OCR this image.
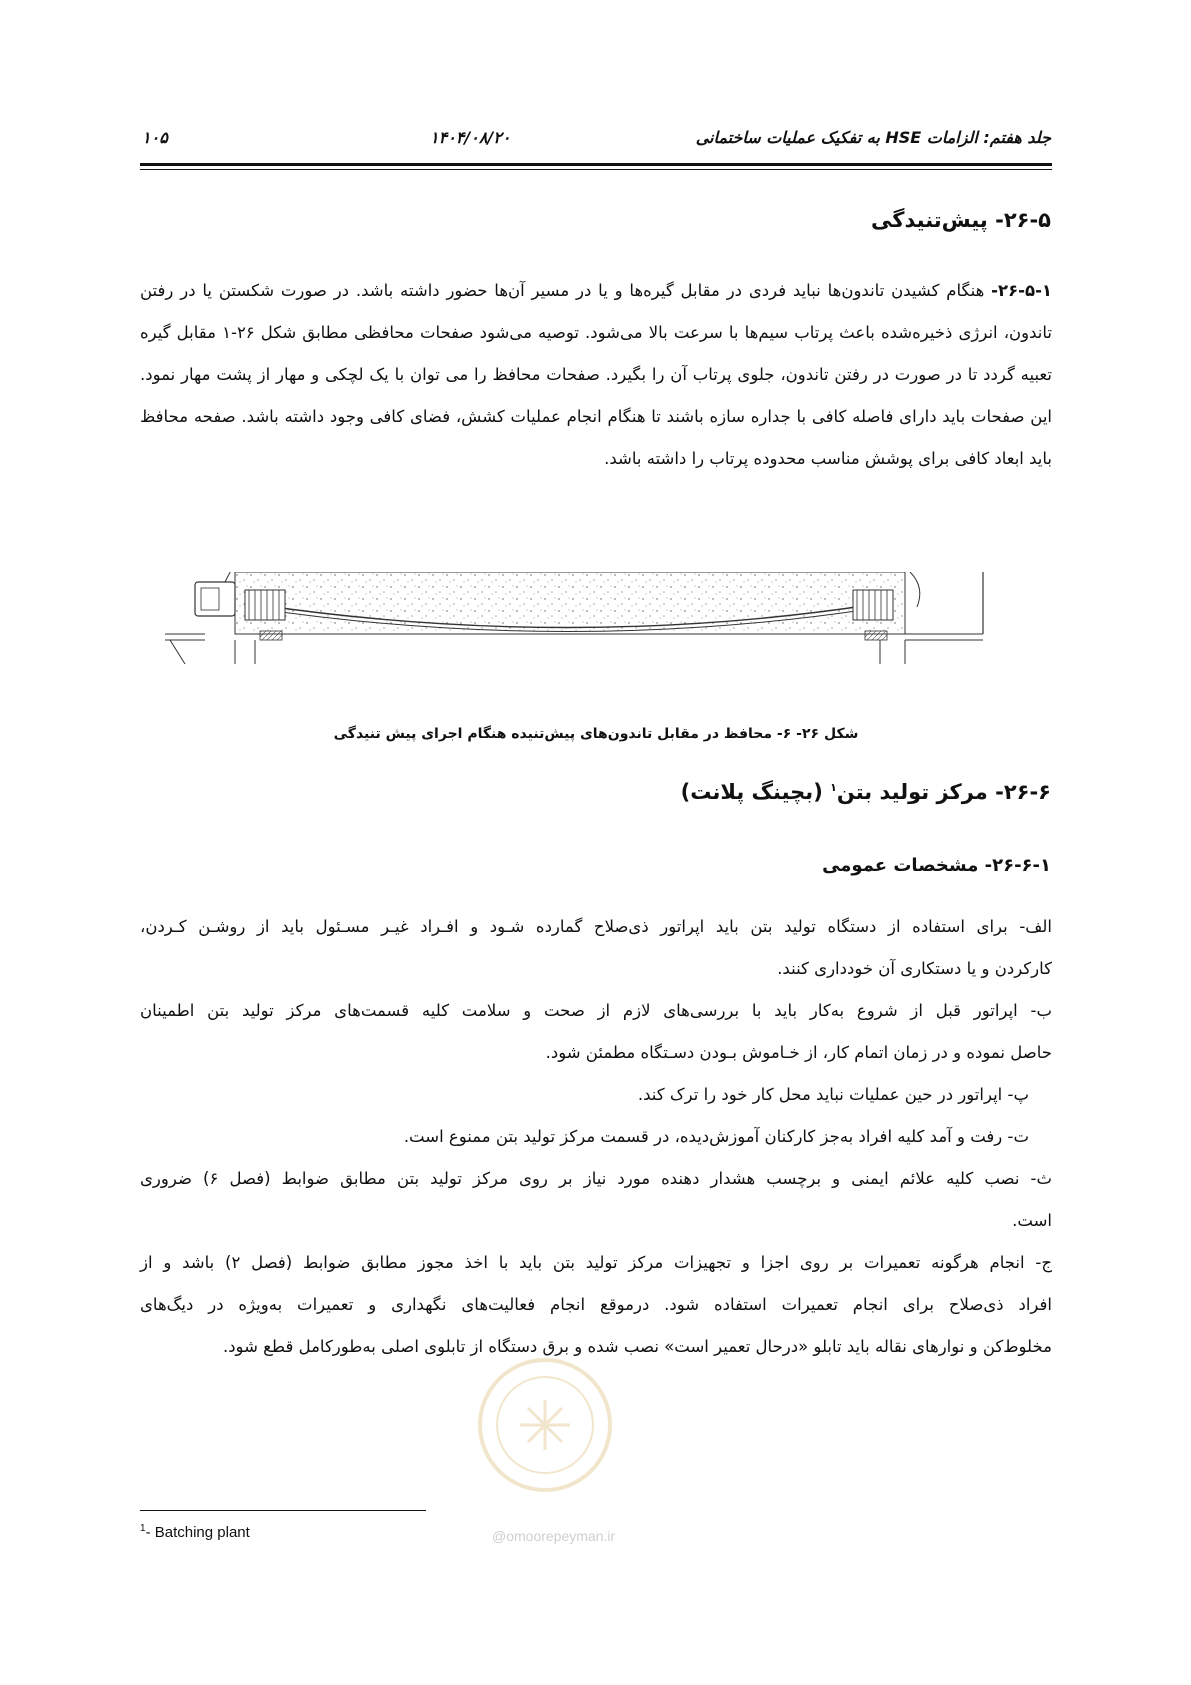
جلد هفتم: الزامات HSE به تفکیک عملیات ساختمانی
۱۴۰۴/۰۸/۲۰
۱۰۵
۲۶-۵- پیش‌تنیدگی
۲۶-۵-۱- هنگام کشیدن تاندون‌ها نباید فردی در مقابل گیره‌ها و یا در مسیر آن‌ها حضور داشته باشد. در صورت شکستن یا در رفتن تاندون، انرژی ذخیره‌شده باعث پرتاب سیم‌ها با سرعت بالا می‌شود. توصیه می‌شود صفحات محافظی مطابق شکل ۲۶-۱ مقابل گیره تعبیه گردد تا در صورت در رفتن تاندون، جلوی پرتاب آن را بگیرد. صفحات محافظ را می توان با یک لچکی و مهار از پشت مهار نمود. این صفحات باید دارای فاصله کافی با جداره سازه باشند تا هنگام انجام عملیات کشش، فضای کافی وجود داشته باشد. صفحه محافظ باید ابعاد کافی برای پوشش مناسب محدوده پرتاب را داشته باشد.
شکل ۲۶- ۶- محافظ در مقابل تاندون‌های پیش‌تنیده هنگام اجرای پیش تنیدگی
۲۶-۶- مرکز تولید بتن$^۱$ (بچینگ پلانت)
۲۶-۶-۱- مشخصات عمومی
الف- برای استفاده از دستگاه تولید بتن باید اپراتور ذی‌صلاح گمارده شـود و افـراد غیـر مسـئول باید از روشـن کـردن،
کارکردن و یا دستکاری آن خودداری کنند.
ب- اپراتور قبل از شروع به‌کار باید با بررسی‌های لازم از صحت و سلامت کلیه قسمت‌های مرکز تولید بتن اطمینان
حاصل نموده و در زمان اتمام کار، از خـاموش بـودن دسـتگاه مطمئن شود.
پ- اپراتور در حین عملیات نباید محل کار خود را ترک کند.
ت- رفت و آمد کلیه افراد به‌جز کارکنان آموزش‌دیده، در قسمت مرکز تولید بتن ممنوع است.
ث- نصب کلیه علائم ایمنی و برچسب هشدار دهنده مورد نیاز بر روی مرکز تولید بتن مطابق ضوابط (فصل ۶) ضروری
است.
ج- انجام هرگونه تعمیرات بر روی اجزا و تجهیزات مرکز تولید بتن باید با اخذ مجوز مطابق ضوابط (فصل ۲) باشد و از
افراد ذی‌صلاح برای انجام تعمیرات استفاده شود. درموقع انجام فعالیت‌های نگهداری و تعمیرات به‌ویژه در دیگ‌های
مخلوط‌کن و نوارهای نقاله باید تابلو «درحال تعمیر است» نصب شده و برق دستگاه از تابلوی اصلی به‌طورکامل قطع شود.
@omoorepeyman.ir
$^1$- Batching plant
